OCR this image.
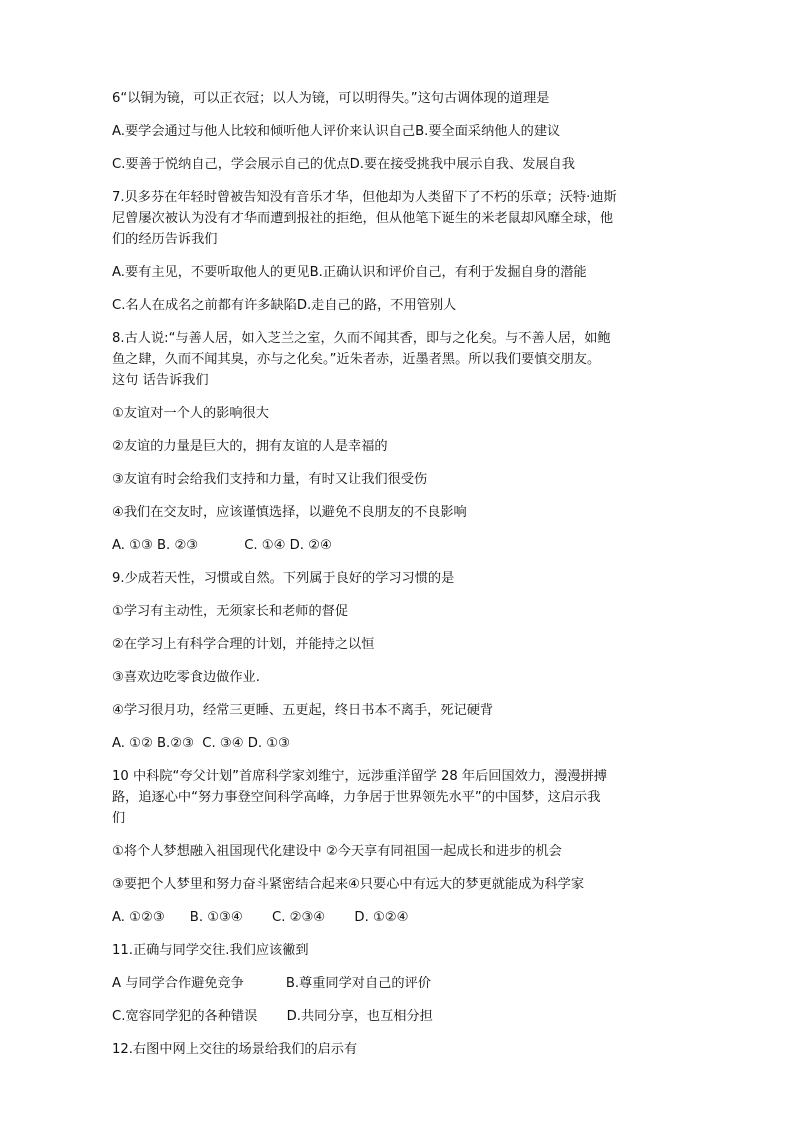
6“以铜为镜，可以正衣冠；以人为镜，可以明得失。”这句古调体现的道理是

A.要学会通过与他人比较和倾听他人评价来认识自己B.要全面采纳他人的建议

C.要善于悦纳自己，学会展示自己的优点D.要在接受挑我中展示自我、发展自我

7.贝多芬在年轻时曾被告知没有音乐才华，但他却为人类留下了不朽的乐章；沃特·迪斯

尼曾屡次被认为没有才华而遭到报社的拒绝，但从他笔下诞生的米老鼠却风靡全球，他

们的经历告诉我们

A.要有主见，不要听取他人的更见B.正确认识和评价自己，有利于发掘自身的潜能

C.名人在成名之前都有许多缺陷D.走自己的路，不用管别人

8.古人说:“与善人居，如入芝兰之室，久而不闻其香，即与之化矣。与不善人居，如鲍

鱼之肆，久而不闻其臭，亦与之化矣。”近朱者赤，近墨者黑。所以我们要慎交朋友。

这句 话告诉我们

①友谊对一个人的影响很大

②友谊的力量是巨大的，拥有友谊的人是幸福的

③友谊有时会给我们支持和力量，有时又让我们很受伤

④我们在交友时，应该谨慎选择，以避免不良朋友的不良影响

A. ①③ B. ②③           C. ①④ D. ②④

9.少成若天性，习惯或自然。下列属于良好的学习习惯的是

①学习有主动性，无须家长和老师的督促

②在学习上有科学合理的计划，并能持之以恒

③喜欢边吃零食边做作业.

④学习很月功，经常三更睡、五更起，终日书本不离手，死记硬背

A. ①② B.②③  C. ③④ D. ①③

10 中科院“夸父计划”首席科学家刘维宁，远涉重洋留学 28 年后回国效力，漫漫拼搏

路，追逐心中“努力事登空间科学高峰，力争居于世界领先水平”的中国梦，这启示我

们

①将个人梦想融入祖国现代化建设中 ②今天享有同祖国一起成长和进步的机会

③要把个人梦里和努力奋斗紧密结合起来④只要心中有远大的梦更就能成为科学家

A. ①②③      B. ①③④       C. ②③④       D. ①②④

11.正确与同学交往.我们应该徶到

A 与同学合作避免竞争          B.尊重同学对自己的评价

C.宽容同学犯的各种错误       D.共同分享，也互相分担

12.右图中网上交往的场景给我们的启示有
